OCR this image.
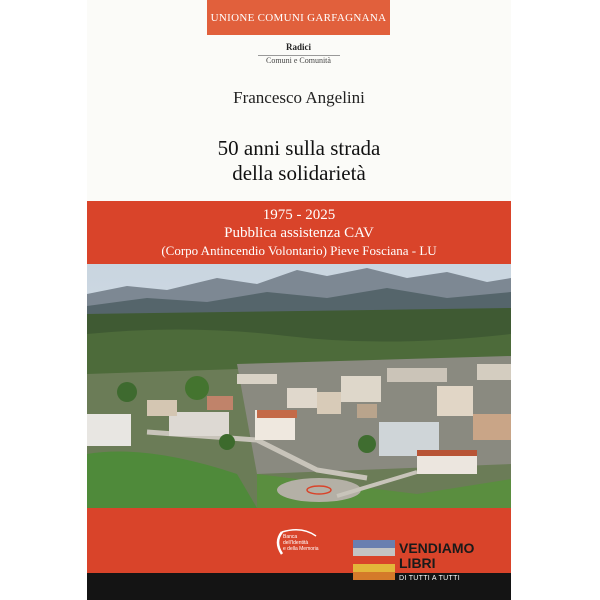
UNIONE COMUNI GARFAGNANA
Radici
Comuni e Comunità
Francesco Angelini
50 anni sulla strada
della solidarietà
1975 - 2025
Pubblica assistenza CAV
(Corpo Antincendio Volontario) Pieve Fosciana - LU
Banca dell'Identità
e della Memoria	VENDIAMO
LIBRI
DI TUTTI A TUTTI
